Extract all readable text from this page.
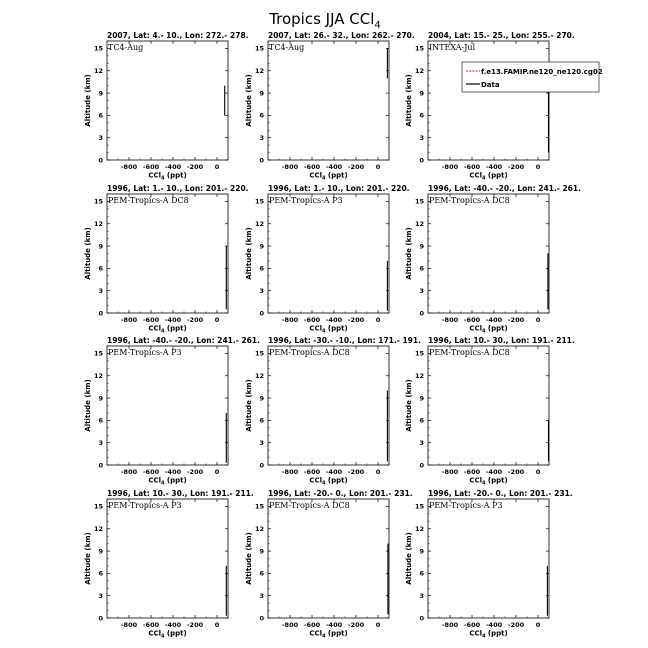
Tropics JJA CCl$_4$
2007, Lat: 4.- 10., Lon: 272.- 278.
TC4-Aug
0
3
6
9
12
15
-800 -600 -400 -200 0
CCl$_4$ (ppt)
Altitude (km)
2007, Lat: 26.- 32., Lon: 262.- 270.
TC4-Aug
0
3
6
9
12
15
-800 -600 -400 -200 0
CCl$_4$ (ppt)
Altitude (km)
2004, Lat: 15.- 25., Lon: 255.- 270.
INTEXA-Jul
0
3
6
9
12
15
-800 -600 -400 -200 0
CCl$_4$ (ppt)
Altitude (km)
1996, Lat: 1.- 10., Lon: 201.- 220.
PEM-Tropics-A DC8
0
3
6
9
12
15
-800 -600 -400 -200 0
CCl$_4$ (ppt)
Altitude (km)
1996, Lat: 1.- 10., Lon: 201.- 220.
PEM-Tropics-A P3
0
3
6
9
12
15
-800 -600 -400 -200 0
CCl$_4$ (ppt)
Altitude (km)
1996, Lat: -40.- -20., Lon: 241.- 261.
PEM-Tropics-A DC8
0
3
6
9
12
15
-800 -600 -400 -200 0
CCl$_4$ (ppt)
Altitude (km)
1996, Lat: -40.- -20., Lon: 241.- 261.
PEM-Tropics-A P3
0
3
6
9
12
15
-800 -600 -400 -200 0
CCl$_4$ (ppt)
Altitude (km)
1996, Lat: -30.- -10., Lon: 171.- 191.
PEM-Tropics-A DC8
0
3
6
9
12
15
-800 -600 -400 -200 0
CCl$_4$ (ppt)
Altitude (km)
1996, Lat: 10.- 30., Lon: 191.- 211.
PEM-Tropics-A DC8
0
3
6
9
12
15
-800 -600 -400 -200 0
CCl$_4$ (ppt)
Altitude (km)
1996, Lat: 10.- 30., Lon: 191.- 211.
PEM-Tropics-A P3
0
3
6
9
12
15
-800 -600 -400 -200 0
CCl$_4$ (ppt)
Altitude (km)
1996, Lat: -20.- 0., Lon: 201.- 231.
PEM-Tropics-A DC8
0
3
6
9
12
15
-800 -600 -400 -200 0
CCl$_4$ (ppt)
Altitude (km)
1996, Lat: -20.- 0., Lon: 201.- 231.
PEM-Tropics-A P3
0
3
6
9
12
15
-800 -600 -400 -200 0
CCl$_4$ (ppt)
Altitude (km)
f.e13.FAMIP.ne120_ne120.cg02
Data
